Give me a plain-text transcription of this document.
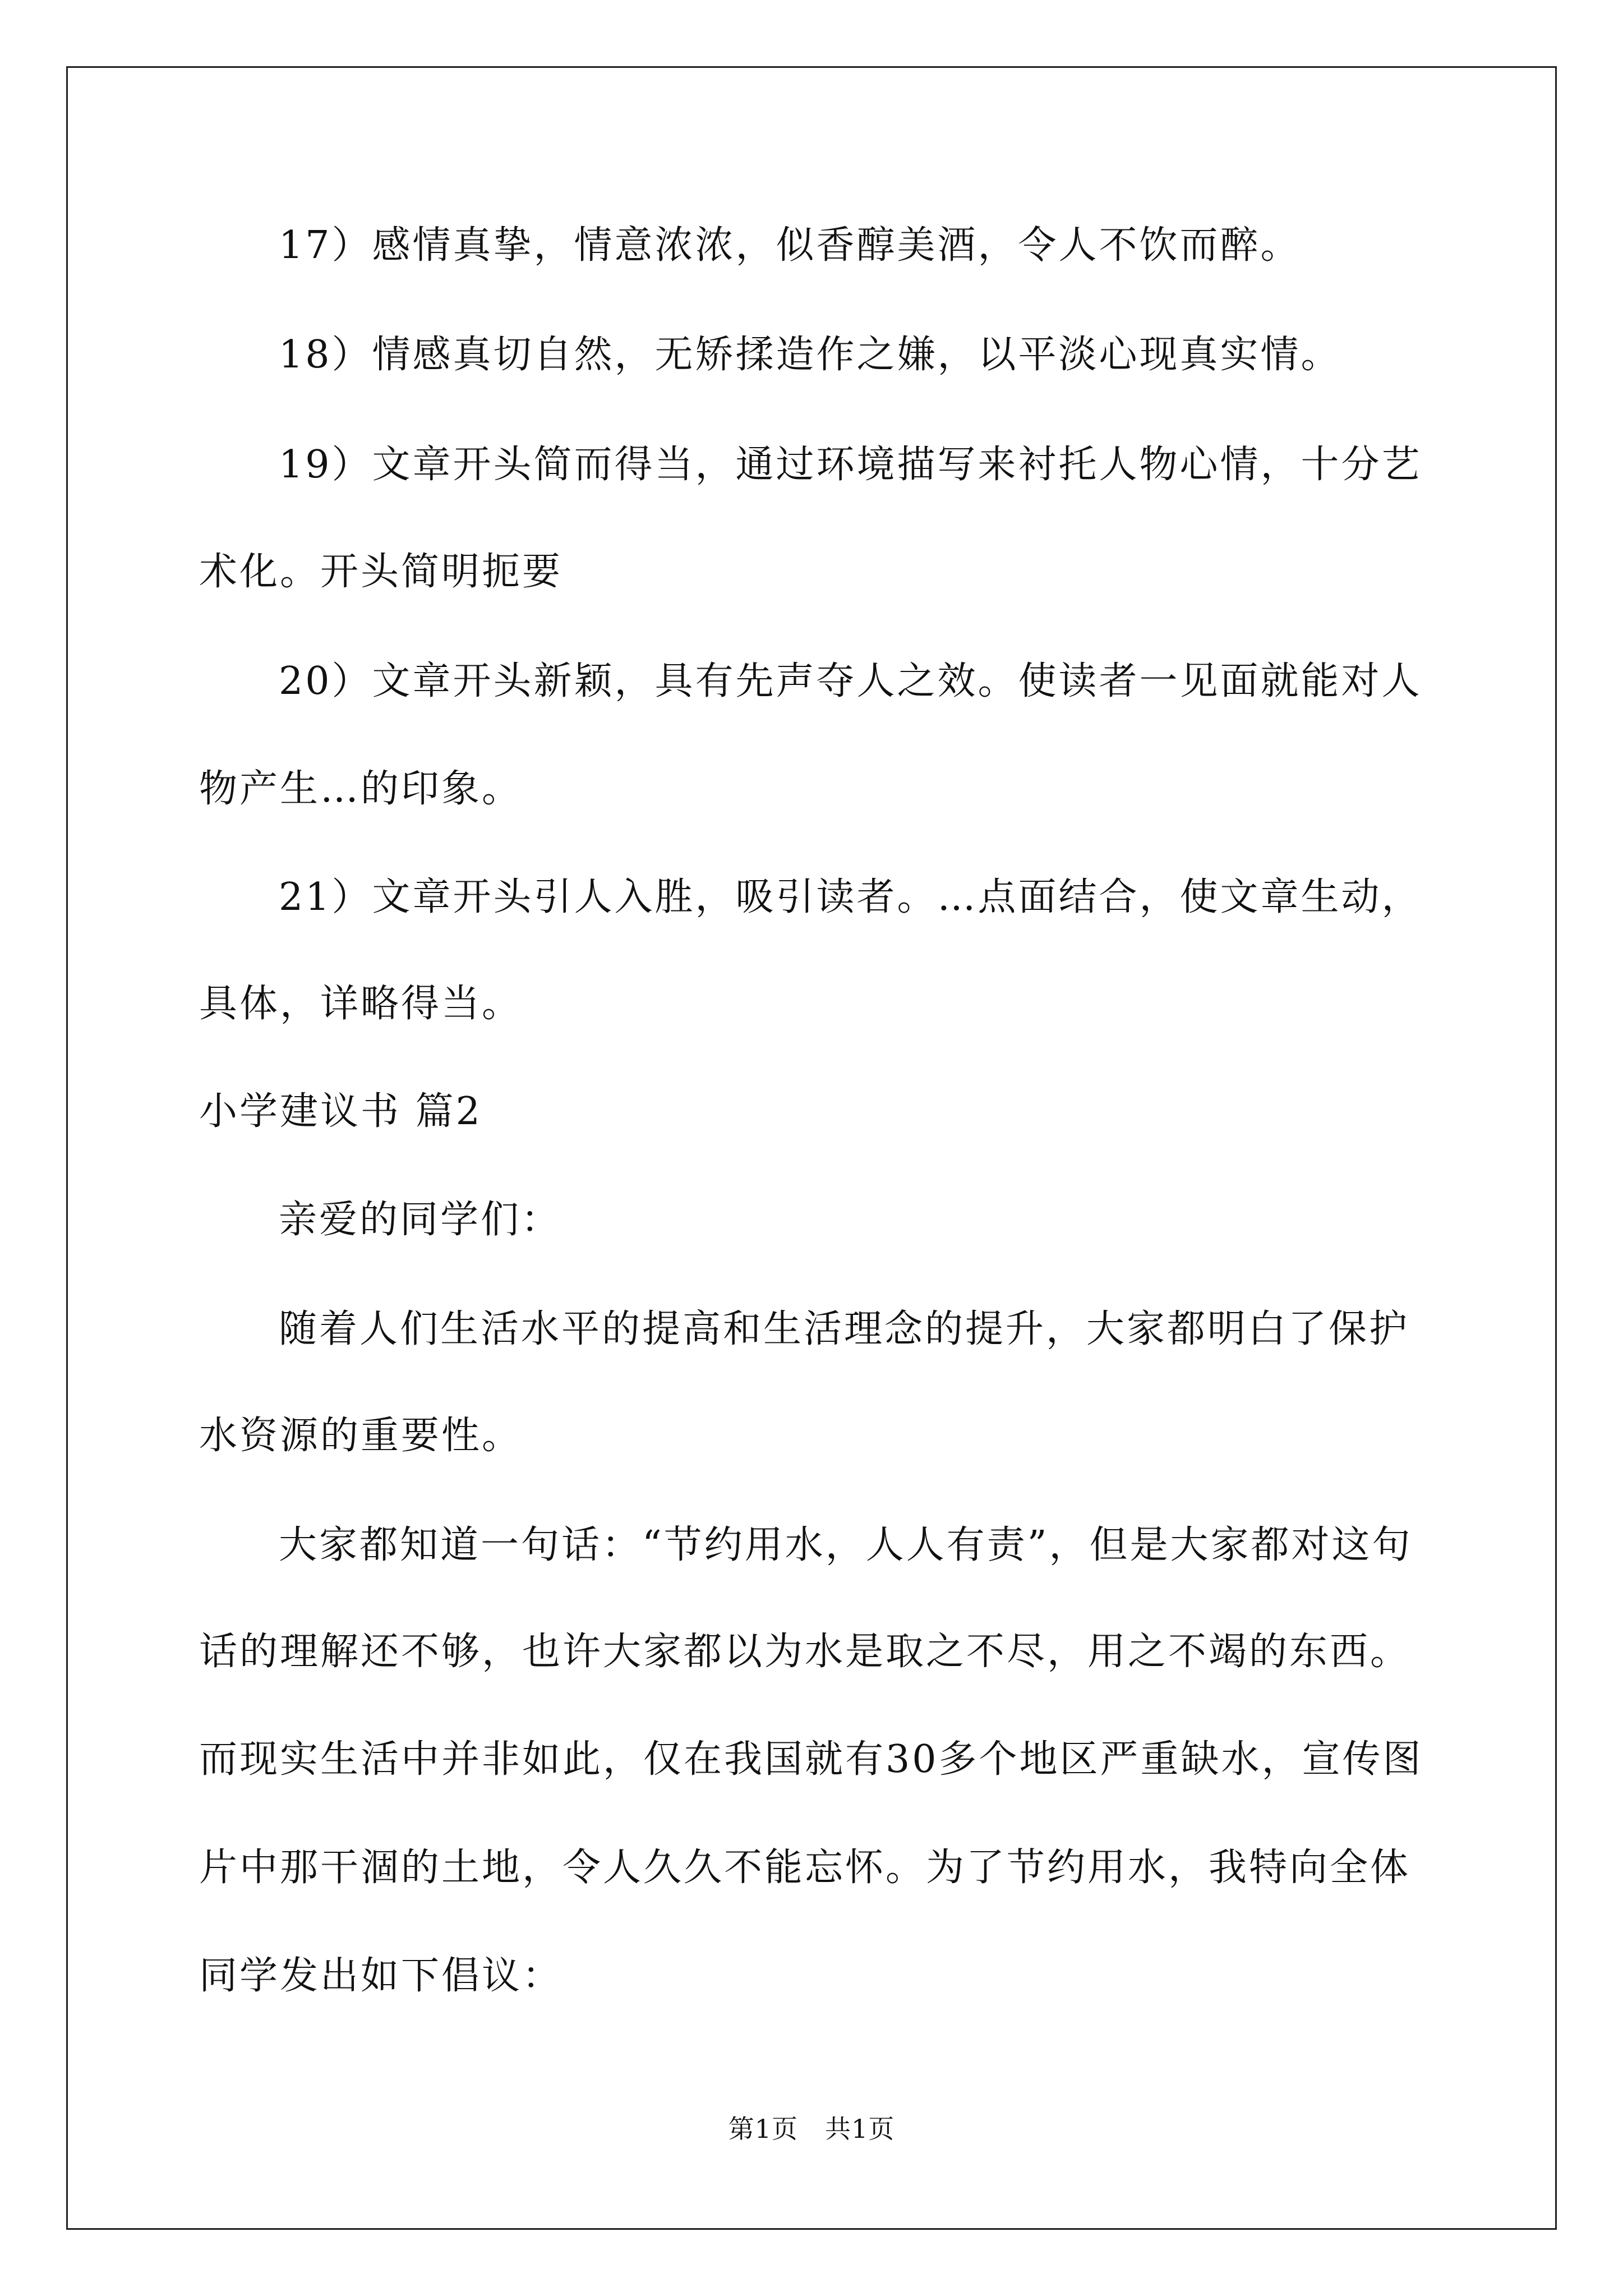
17）感情真挚，情意浓浓，似香醇美酒，令人不饮而醉。
18）情感真切自然，无矫揉造作之嫌，以平淡心现真实情。
19）文章开头简而得当，通过环境描写来衬托人物心情，十分艺
术化。开头简明扼要
20）文章开头新颖，具有先声夺人之效。使读者一见面就能对人
物产生…的印象。
21）文章开头引人入胜，吸引读者。…点面结合，使文章生动，
具体，详略得当。
小学建议书 篇2
亲爱的同学们：
随着人们生活水平的提高和生活理念的提升，大家都明白了保护
水资源的重要性。
大家都知道一句话：“节约用水，人人有责”，但是大家都对这句
话的理解还不够，也许大家都以为水是取之不尽，用之不竭的东西。
而现实生活中并非如此，仅在我国就有30多个地区严重缺水，宣传图
片中那干涸的土地，令人久久不能忘怀。为了节约用水，我特向全体
同学发出如下倡议：
第1页 共1页
